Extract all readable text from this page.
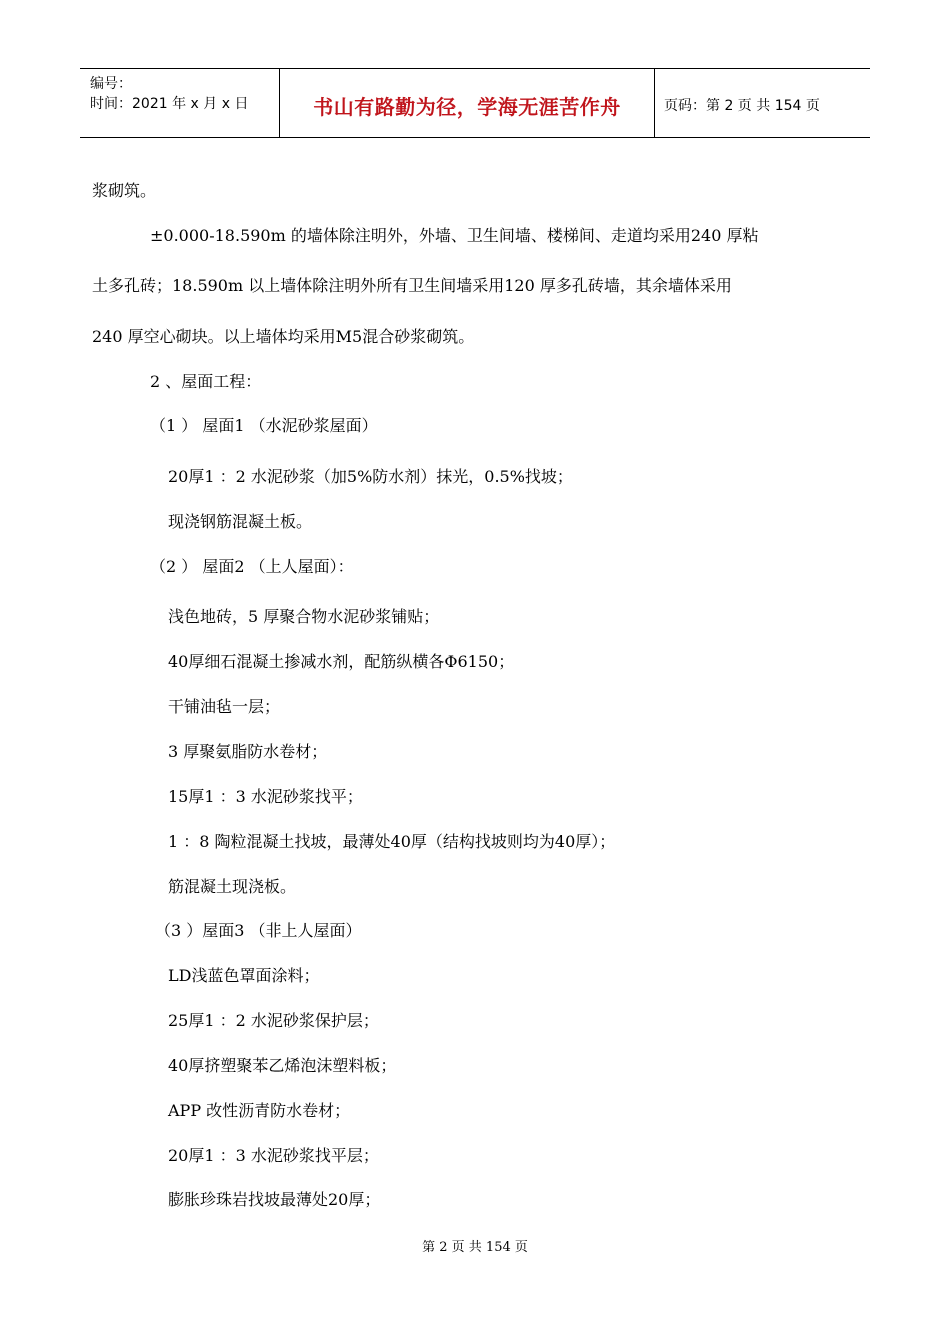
编号：
时间：2021 年 x 月 x 日	书山有路勤为径，学海无涯苦作舟	页码：第 2 页 共 154 页
浆砌筑。
±0.000-18.590m 的墙体除注明外，外墙、卫生间墙、楼梯间、走道均采用240 厚粘
土多孔砖；18.590m 以上墙体除注明外所有卫生间墙采用120 厚多孔砖墙，其余墙体采用
240 厚空心砌块。以上墙体均采用M5混合砂浆砌筑。
2 、屋面工程：
（1 ） 屋面1 （水泥砂浆屋面）
20厚1 ：2 水泥砂浆（加5%防水剂）抹光，0.5%找坡；
现浇钢筋混凝土板。
（2 ） 屋面2 （上人屋面）：
浅色地砖，5 厚聚合物水泥砂浆铺贴；
40厚细石混凝土掺减水剂，配筋纵横各Φ6150；
干铺油毡一层；
3 厚聚氨脂防水卷材；
15厚1 ：3 水泥砂浆找平；
1 ：8 陶粒混凝土找坡，最薄处40厚（结构找坡则均为40厚）；
筋混凝土现浇板。
（3 ）屋面3 （非上人屋面）
LD浅蓝色罩面涂料；
25厚1 ：2 水泥砂浆保护层；
40厚挤塑聚苯乙烯泡沫塑料板；
APP 改性沥青防水卷材；
20厚1 ：3 水泥砂浆找平层；
膨胀珍珠岩找坡最薄处20厚；
第 2 页 共 154 页
